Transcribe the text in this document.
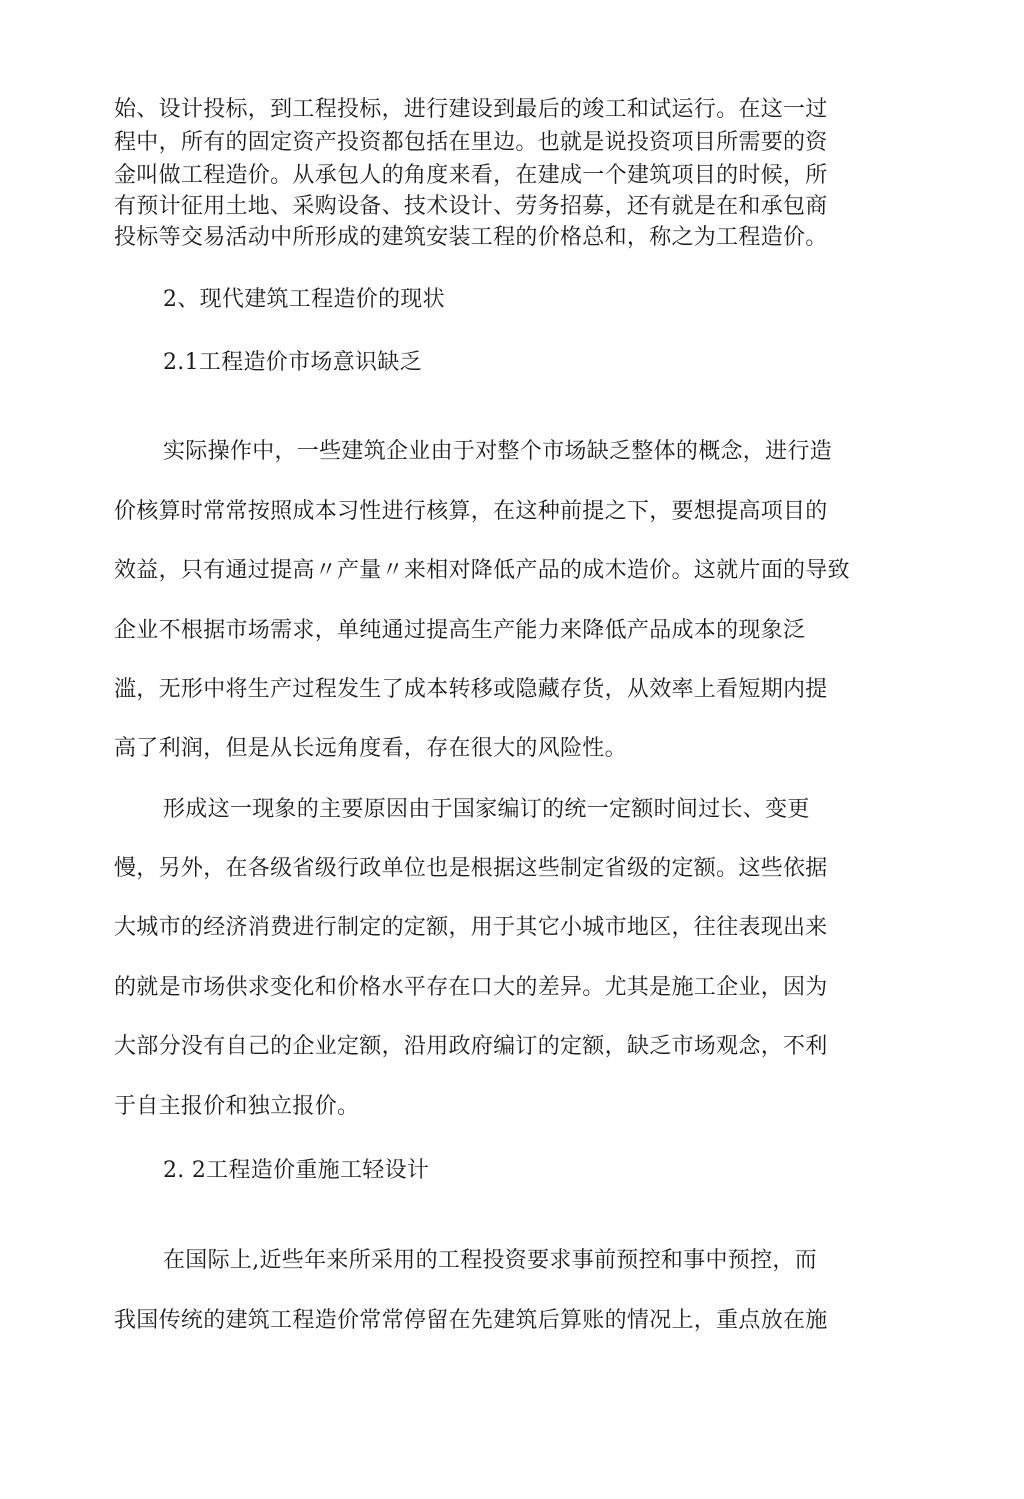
始、设计投标，到工程投标，进行建设到最后的竣工和试运行。在这一过

程中，所有的固定资产投资都包括在里边。也就是说投资项目所需要的资

金叫做工程造价。从承包人的角度来看，在建成一个建筑项目的时候，所

有预计征用土地、采购设备、技术设计、劳务招募，还有就是在和承包商

投标等交易活动中所形成的建筑安装工程的价格总和，称之为工程造价。

2、现代建筑工程造价的现状

2.1工程造价市场意识缺乏

实际操作中，一些建筑企业由于对整个市场缺乏整体的概念，进行造

价核算时常常按照成本习性进行核算，在这种前提之下，要想提高项目的

效益，只有通过提高〃产量〃来相对降低产品的成木造价。这就片面的导致

企业不根据市场需求，单纯通过提高生产能力来降低产品成本的现象泛

滥，无形中将生产过程发生了成本转移或隐藏存货，从效率上看短期内提

高了利润，但是从长远角度看，存在很大的风险性。

形成这一现象的主要原因由于国家编订的统一定额时间过长、变更

慢，另外，在各级省级行政单位也是根据这些制定省级的定额。这些依据

大城市的经济消费进行制定的定额，用于其它小城市地区，往往表现出来

的就是市场供求变化和价格水平存在口大的差异。尤其是施工企业，因为

大部分没有自己的企业定额，沿用政府编订的定额，缺乏市场观念，不利

于自主报价和独立报价。

2. 2工程造价重施工轻设计

在国际上,近些年来所采用的工程投资要求事前预控和事中预控，而

我国传统的建筑工程造价常常停留在先建筑后算账的情况上，重点放在施
